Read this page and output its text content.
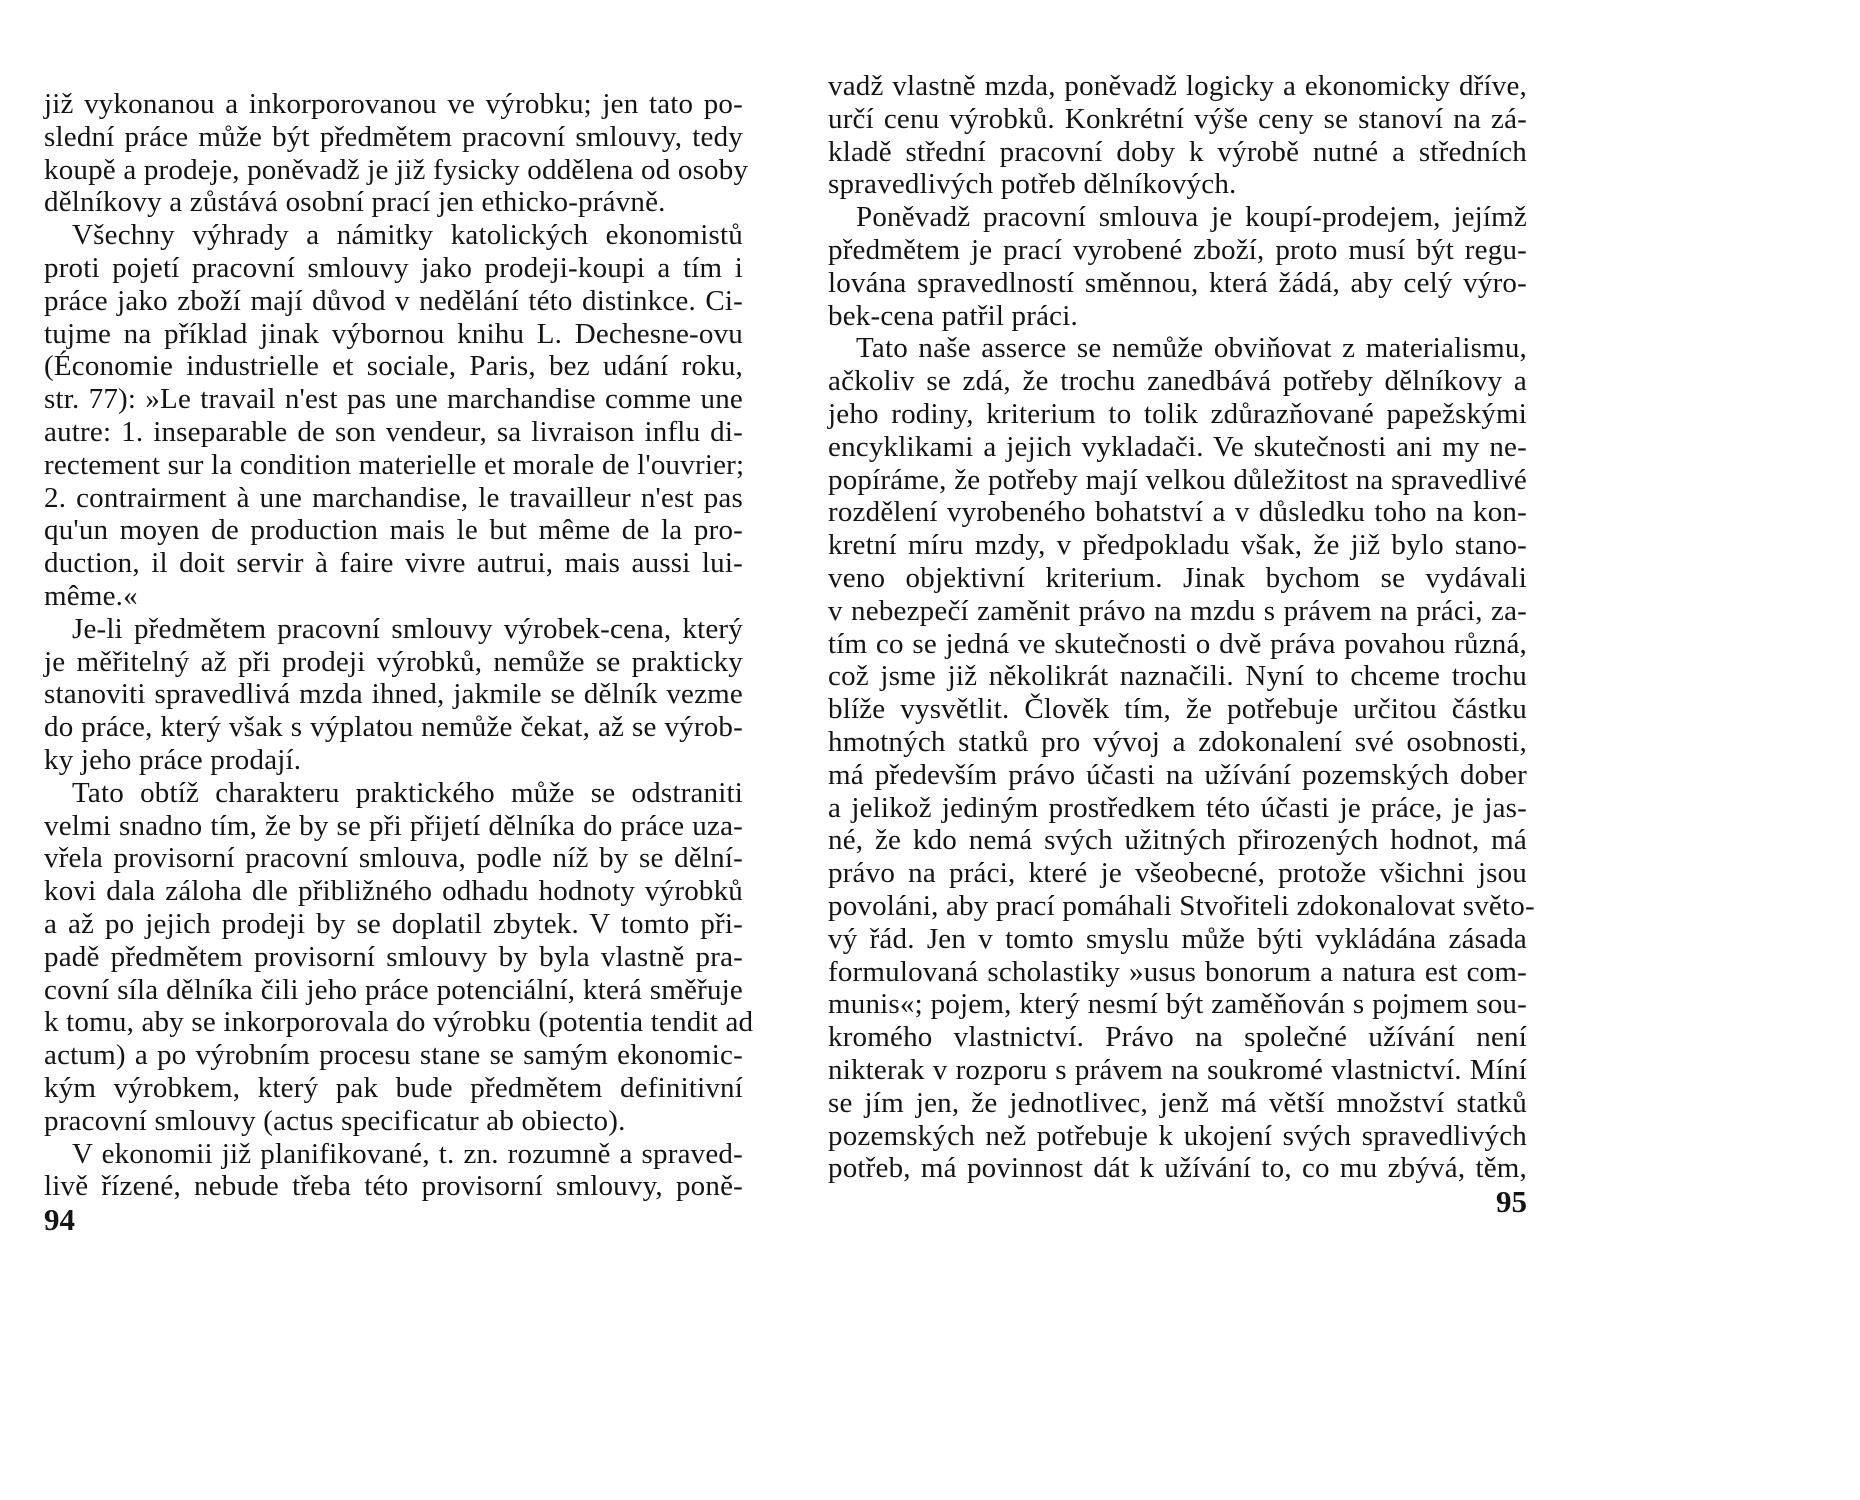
již vykonanou a inkorporovanou ve výrobku; jen tato po-
slední práce může být předmětem pracovní smlouvy, tedy
koupě a prodeje, poněvadž je již fysicky oddělena od osoby
dělníkovy a zůstává osobní prací jen ethicko-právně.
Všechny výhrady a námitky katolických ekonomistů
proti pojetí pracovní smlouvy jako prodeji-koupi a tím i
práce jako zboží mají důvod v nedělání této distinkce. Ci-
tujme na příklad jinak výbornou knihu L. Dechesne-ovu
(Économie industrielle et sociale, Paris, bez udání roku,
str. 77): »Le travail n'est pas une marchandise comme une
autre: 1. inseparable de son vendeur, sa livraison influ di-
rectement sur la condition materielle et morale de l'ouvrier;
2. contrairment à une marchandise, le travailleur n'est pas
qu'un moyen de production mais le but même de la pro-
duction, il doit servir à faire vivre autrui, mais aussi lui-
même.«
Je-li předmětem pracovní smlouvy výrobek-cena, který
je měřitelný až při prodeji výrobků, nemůže se prakticky
stanoviti spravedlivá mzda ihned, jakmile se dělník vezme
do práce, který však s výplatou nemůže čekat, až se výrob-
ky jeho práce prodají.
Tato obtíž charakteru praktického může se odstraniti
velmi snadno tím, že by se při přijetí dělníka do práce uza-
vřela provisorní pracovní smlouva, podle níž by se dělní-
kovi dala záloha dle přibližného odhadu hodnoty výrobků
a až po jejich prodeji by se doplatil zbytek. V tomto při-
padě předmětem provisorní smlouvy by byla vlastně pra-
covní síla dělníka čili jeho práce potenciální, která směřuje
k tomu, aby se inkorporovala do výrobku (potentia tendit ad
actum) a po výrobním procesu stane se samým ekonomic-
kým výrobkem, který pak bude předmětem definitivní
pracovní smlouvy (actus specificatur ab obiecto).
V ekonomii již planifikované, t. zn. rozumně a spraved-
livě řízené, nebude třeba této provisorní smlouvy, poně-
94
vadž vlastně mzda, poněvadž logicky a ekonomicky dříve,
určí cenu výrobků. Konkrétní výše ceny se stanoví na zá-
kladě střední pracovní doby k výrobě nutné a středních
spravedlivých potřeb dělníkových.
Poněvadž pracovní smlouva je koupí-prodejem, jejímž
předmětem je prací vyrobené zboží, proto musí být regu-
lována spravedlností směnnou, která žádá, aby celý výro-
bek-cena patřil práci.
Tato naše asserce se nemůže obviňovat z materialismu,
ačkoliv se zdá, že trochu zanedbává potřeby dělníkovy a
jeho rodiny, kriterium to tolik zdůrazňované papežskými
encyklikami a jejich vykladači. Ve skutečnosti ani my ne-
popíráme, že potřeby mají velkou důležitost na spravedlivé
rozdělení vyrobeného bohatství a v důsledku toho na kon-
kretní míru mzdy, v předpokladu však, že již bylo stano-
veno objektivní kriterium. Jinak bychom se vydávali
v nebezpečí zaměnit právo na mzdu s právem na práci, za-
tím co se jedná ve skutečnosti o dvě práva povahou různá,
což jsme již několikrát naznačili. Nyní to chceme trochu
blíže vysvětlit. Člověk tím, že potřebuje určitou částku
hmotných statků pro vývoj a zdokonalení své osobnosti,
má především právo účasti na užívání pozemských dober
a jelikož jediným prostředkem této účasti je práce, je jas-
né, že kdo nemá svých užitných přirozených hodnot, má
právo na práci, které je všeobecné, protože všichni jsou
povoláni, aby prací pomáhali Stvořiteli zdokonalovat světo-
vý řád. Jen v tomto smyslu může býti vykládána zásada
formulovaná scholastiky »usus bonorum a natura est com-
munis«; pojem, který nesmí být zaměňován s pojmem sou-
kromého vlastnictví. Právo na společné užívání není
nikterak v rozporu s právem na soukromé vlastnictví. Míní
se jím jen, že jednotlivec, jenž má větší množství statků
pozemských než potřebuje k ukojení svých spravedlivých
potřeb, má povinnost dát k užívání to, co mu zbývá, těm,
95
